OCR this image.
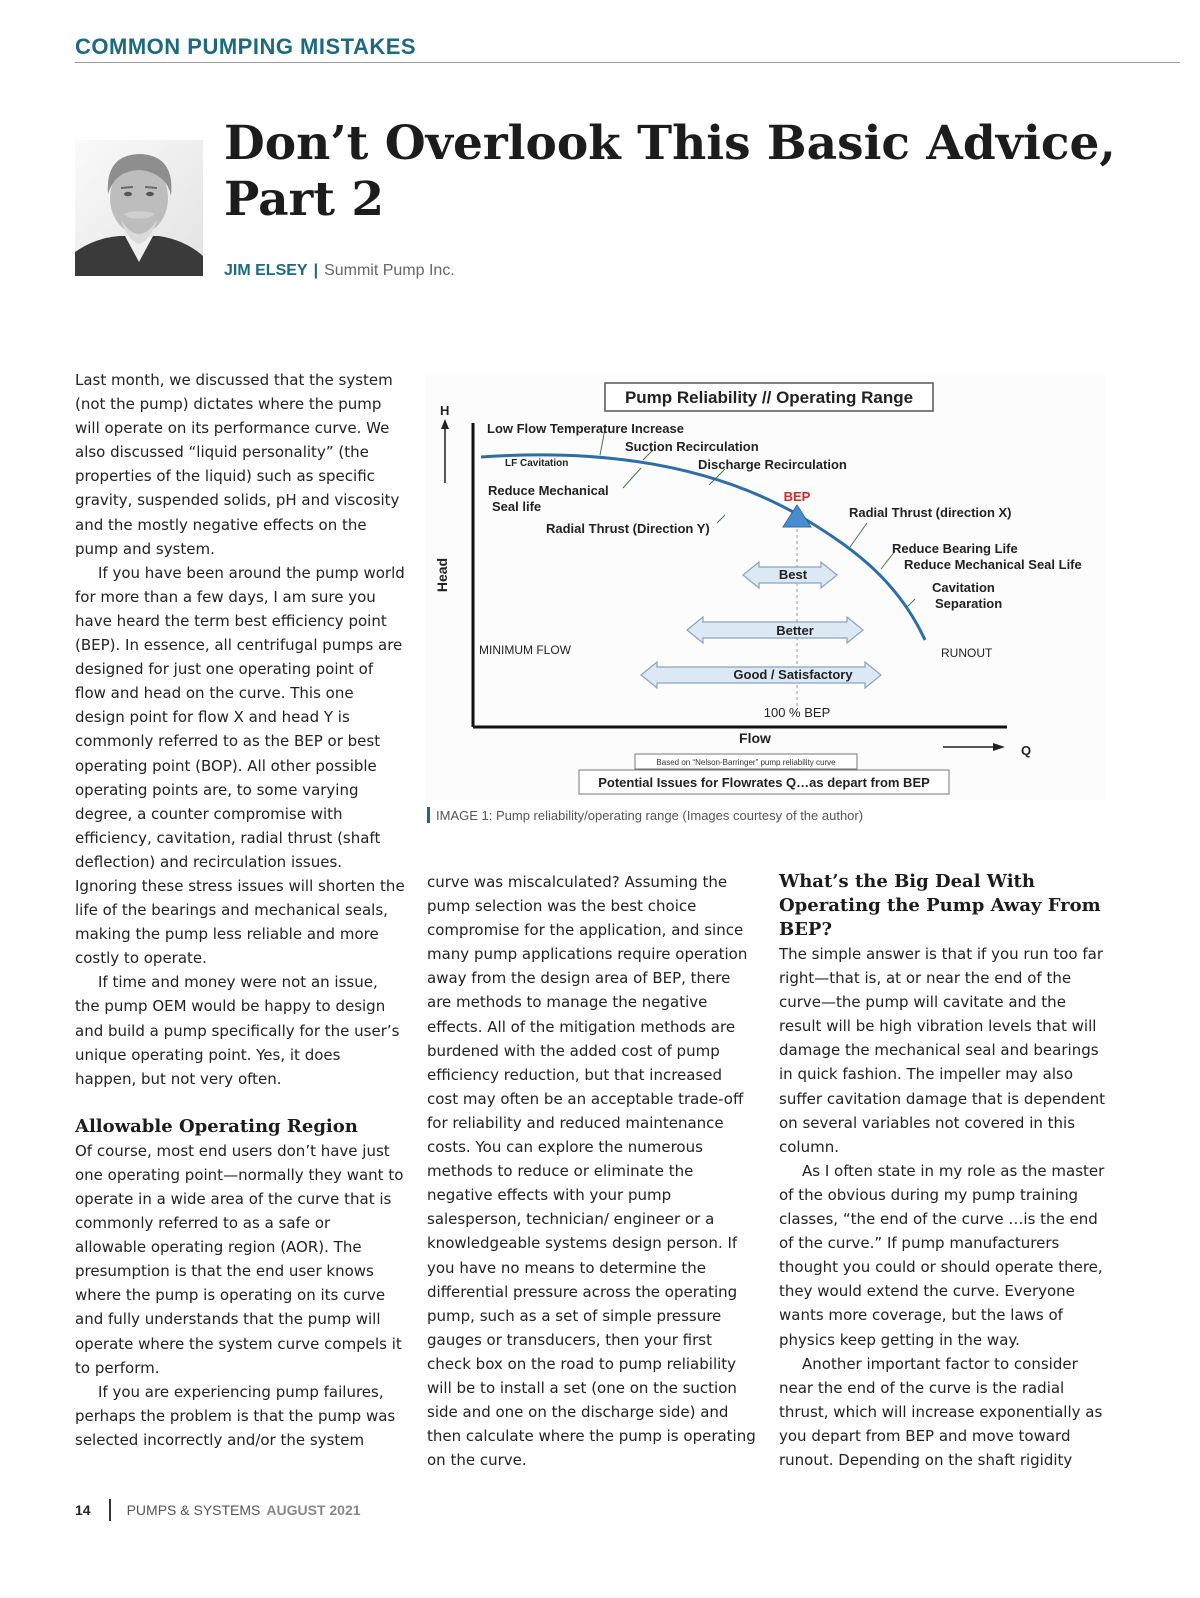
COMMON PUMPING MISTAKES
Don’t Overlook This Basic Advice,
Part 2
JIM ELSEY | Summit Pump Inc.

Last month, we discussed that the system (not the pump) dictates where the pump will operate on its performance curve. We also discussed “liquid personality” (the properties of the liquid) such as specific gravity, suspended solids, pH and viscosity and the mostly negative effects on the pump and system.

If you have been around the pump world for more than a few days, I am sure you have heard the term best efficiency point (BEP). In essence, all centrifugal pumps are designed for just one operating point of flow and head on the curve. This one design point for flow X and head Y is commonly referred to as the BEP or best operating point (BOP). All other possible operating points are, to some varying degree, a counter compromise with efficiency, cavitation, radial thrust (shaft deflection) and recirculation issues. Ignoring these stress issues will shorten the life of the bearings and mechanical seals, making the pump less reliable and more costly to operate.

If time and money were not an issue, the pump OEM would be happy to design and build a pump specifically for the user’s unique operating point. Yes, it does happen, but not very often.

Allowable Operating Region

Of course, most end users don’t have just one operating point—normally they want to operate in a wide area of the curve that is commonly referred to as a safe or allowable operating region (AOR). The presumption is that the end user knows where the pump is operating on its curve and fully understands that the pump will operate where the system curve compels it to perform.

If you are experiencing pump failures, perhaps the problem is that the pump was selected incorrectly and/or the system

curve was miscalculated? Assuming the pump selection was the best choice compromise for the application, and since many pump applications require operation away from the design area of BEP, there are methods to manage the negative effects. All of the mitigation methods are burdened with the added cost of pump efficiency reduction, but that increased cost may often be an acceptable trade-off for reliability and reduced maintenance costs. You can explore the numerous methods to reduce or eliminate the negative effects with your pump salesperson, technician/ engineer or a knowledgeable systems design person. If you have no means to determine the differential pressure across the operating pump, such as a set of simple pressure gauges or transducers, then your first check box on the road to pump reliability will be to install a set (one on the suction side and one on the discharge side) and then calculate where the pump is operating on the curve.

What’s the Big Deal With Operating the Pump Away From BEP?

The simple answer is that if you run too far right—that is, at or near the end of the curve—the pump will cavitate and the result will be high vibration levels that will damage the mechanical seal and bearings in quick fashion. The impeller may also suffer cavitation damage that is dependent on several variables not covered in this column.

As I often state in my role as the master of the obvious during my pump training classes, “the end of the curve …is the end of the curve.” If pump manufacturers thought you could or should operate there, they would extend the curve. Everyone wants more coverage, but the laws of physics keep getting in the way.

Another important factor to consider near the end of the curve is the radial thrust, which will increase exponentially as you depart from BEP and move toward runout. Depending on the shaft rigidity

Pump Reliability // Operating Range
H
Head
Flow
Q
BEP
Low Flow Temperature Increase
Suction Recirculation
LF Cavitation	Discharge Recirculation
Reduce Mechanical
Seal life
Radial Thrust (Direction Y)
Radial Thrust (direction X)
Reduce Bearing Life
Reduce Mechanical Seal Life
Cavitation
Separation
MINIMUM FLOW	RUNOUT
Best
Better
Good / Satisfactory
100 % BEP
Based on “Nelson-Barringer” pump reliability curve
Potential Issues for Flowrates Q…as depart from BEP
IMAGE 1: Pump reliability/operating range (Images courtesy of the author)
14	PUMPS & SYSTEMS AUGUST 2021
